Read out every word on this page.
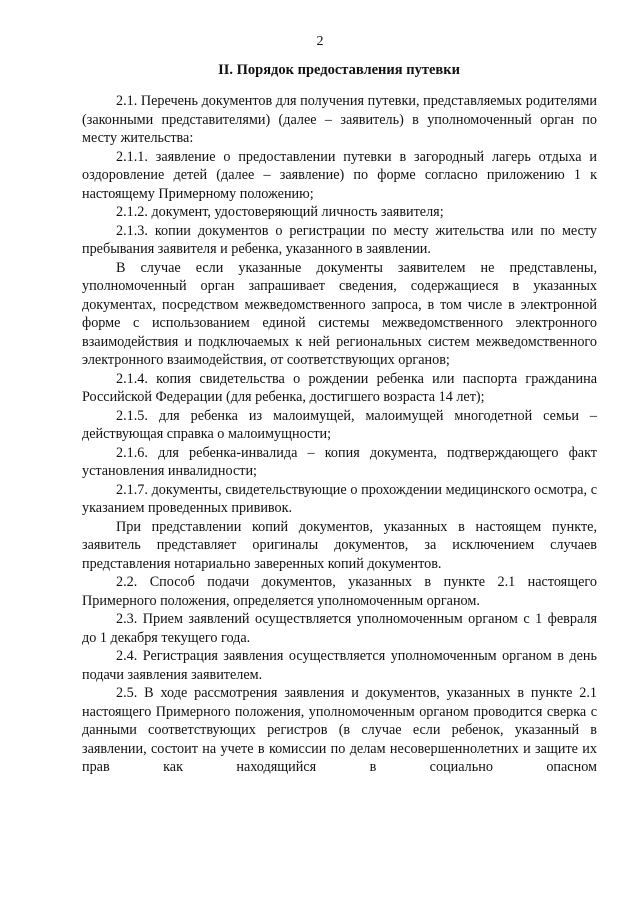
2
II. Порядок предоставления путевки

2.1. Перечень документов для получения путевки, представляемых родителями (законными представителями) (далее – заявитель) в уполномоченный орган по месту жительства:

2.1.1. заявление о предоставлении путевки в загородный лагерь отдыха и оздоровление детей (далее – заявление) по форме согласно приложению 1 к настоящему Примерному положению;

2.1.2. документ, удостоверяющий личность заявителя;

2.1.3. копии документов о регистрации по месту жительства или по месту пребывания заявителя и ребенка, указанного в заявлении.

В случае если указанные документы заявителем не представлены, уполномоченный орган запрашивает сведения, содержащиеся в указанных документах, посредством межведомственного запроса, в том числе в электронной форме с использованием единой системы межведомственного электронного взаимодействия и подключаемых к ней региональных систем межведомственного электронного взаимодействия, от соответствующих органов;

2.1.4. копия свидетельства о рождении ребенка или паспорта гражданина Российской Федерации (для ребенка, достигшего возраста 14 лет);

2.1.5. для ребенка из малоимущей, малоимущей многодетной семьи – действующая справка о малоимущности;

2.1.6. для ребенка-инвалида – копия документа, подтверждающего факт установления инвалидности;

2.1.7. документы, свидетельствующие о прохождении медицинского осмотра, с указанием проведенных прививок.

При представлении копий документов, указанных в настоящем пункте, заявитель представляет оригиналы документов, за исключением случаев представления нотариально заверенных копий документов.

2.2. Способ подачи документов, указанных в пункте 2.1 настоящего Примерного положения, определяется уполномоченным органом.

2.3. Прием заявлений осуществляется уполномоченным органом с 1 февраля до 1 декабря текущего года.

2.4. Регистрация заявления осуществляется уполномоченным органом в день подачи заявления заявителем.

2.5. В ходе рассмотрения заявления и документов, указанных в пункте 2.1 настоящего Примерного положения, уполномоченным органом проводится сверка с данными соответствующих регистров (в случае если ребенок, указанный в заявлении, состоит на учете в комиссии по делам несовершеннолетних и защите их прав как находящийся в социально опасном
